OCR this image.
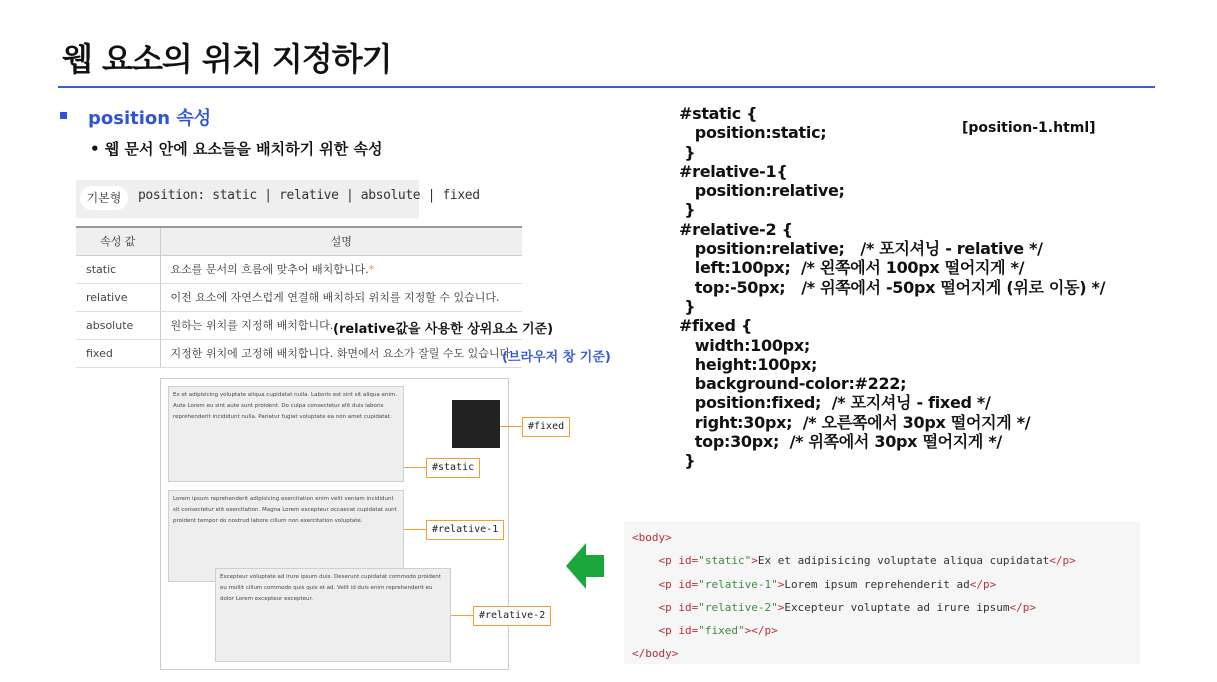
웹 요소의 위치 지정하기
position 속성
• 웹 문서 안에 요소들을 배치하기 위한 속성
기본형	position: static | relative | absolute | fixed
속성 값	설명
static	요소를 문서의 흐름에 맞추어 배치합니다.*
relative	이전 요소에 자연스럽게 연결해 배치하되 위치를 지정할 수 있습니다.
absolute	원하는 위치를 지정해 배치합니다.
fixed	지정한 위치에 고정해 배치합니다. 화면에서 요소가 잘릴 수도 있습니다.
(relative값을 사용한 상위요소 기준)
(브라우저 창 기준)
Ex et adipisicing voluptate aliqua cupidatat nulla. Laboris est sint sit aliqua enim. Aute Lorem eu sint aute sunt proident. Do culpa consectetur elit duis laboris reprehenderit incididunt nulla. Pariatur fugiat voluptate ea non amet cupidatat.
Lorem ipsum reprehenderit adipisicing exercitation enim velit veniam incididunt sit consectetur elit exercitation. Magna Lorem excepteur occaecat cupidatat sunt proident tempor do nostrud labore cillum non exercitation voluptate.
Excepteur voluptate ad irure ipsum duis. Deserunt cupidatat commodo proident eu mollit cillum commodo quis quis et ad. Velit id duis enim reprehenderit eu dolor Lorem excepteur excepteur.
#fixed
#static
#relative-1
#relative-2
#static {
position:static;
}
#relative-1{
position:relative;
}
#relative-2 {
position:relative;   /* 포지셔닝 - relative */
left:100px;  /* 왼쪽에서 100px 떨어지게 */
top:-50px;   /* 위쪽에서 -50px 떨어지게 (위로 이동) */
}
#fixed {
width:100px;
height:100px;
background-color:#222;
position:fixed;  /* 포지셔닝 - fixed */
right:30px;  /* 오른쪽에서 30px 떨어지게 */
top:30px;  /* 위쪽에서 30px 떨어지게 */
}
[position-1.html]
<body>
<p id="static">Ex et adipisicing voluptate aliqua cupidatat</p>
<p id="relative-1">Lorem ipsum reprehenderit ad</p>
<p id="relative-2">Excepteur voluptate ad irure ipsum</p>
<p id="fixed"></p>
</body>
